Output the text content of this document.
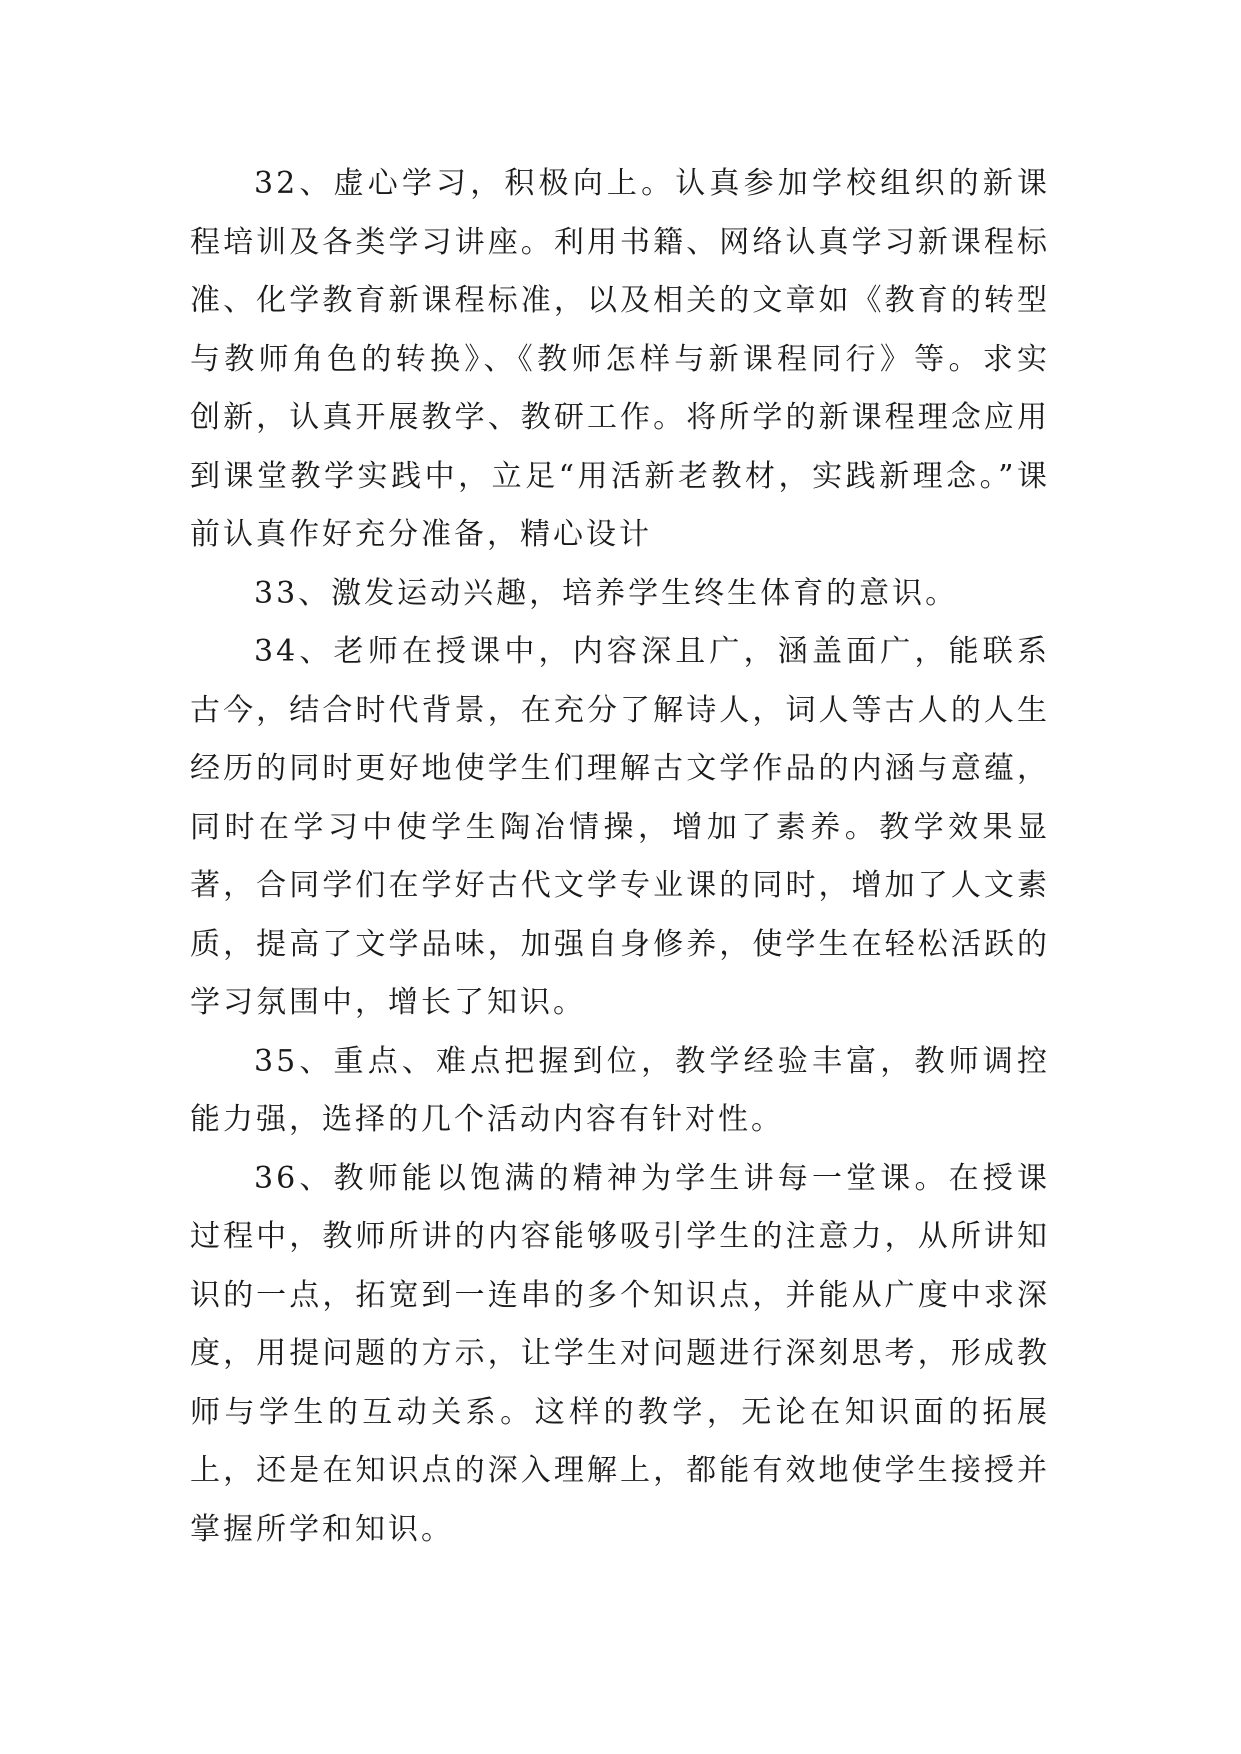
32、虚心学习，积极向上。认真参加学校组织的新课程培训及各类学习讲座。利用书籍、网络认真学习新课程标准、化学教育新课程标准，以及相关的文章如《教育的转型与教师角色的转换》、《教师怎样与新课程同行》等。求实创新，认真开展教学、教研工作。将所学的新课程理念应用到课堂教学实践中，立足“用活新老教材，实践新理念。”课前认真作好充分准备，精心设计

33、激发运动兴趣，培养学生终生体育的意识。

34、老师在授课中，内容深且广，涵盖面广，能联系古今，结合时代背景，在充分了解诗人，词人等古人的人生经历的同时更好地使学生们理解古文学作品的内涵与意蕴，同时在学习中使学生陶冶情操，增加了素养。教学效果显著，合同学们在学好古代文学专业课的同时，增加了人文素质，提高了文学品味，加强自身修养，使学生在轻松活跃的学习氛围中，增长了知识。

35、重点、难点把握到位，教学经验丰富，教师调控能力强，选择的几个活动内容有针对性。

36、教师能以饱满的精神为学生讲每一堂课。在授课过程中，教师所讲的内容能够吸引学生的注意力，从所讲知识的一点，拓宽到一连串的多个知识点，并能从广度中求深度，用提问题的方示，让学生对问题进行深刻思考，形成教师与学生的互动关系。这样的教学，无论在知识面的拓展上，还是在知识点的深入理解上，都能有效地使学生接授并掌握所学和知识。
